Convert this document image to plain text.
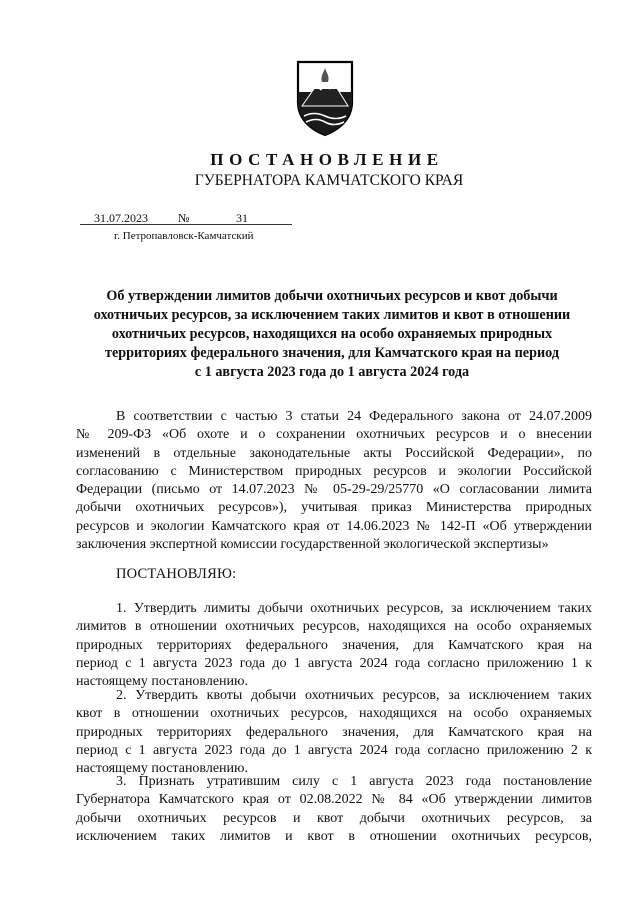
ПОСТАНОВЛЕНИЕ
ГУБЕРНАТОРА КАМЧАТСКОГО КРАЯ
31.07.2023	№	31
г. Петропавловск-Камчатский
Об утверждении лимитов добычи охотничьих ресурсов и квот добычи
охотничьих ресурсов, за исключением таких лимитов и квот в отношении
охотничьих ресурсов, находящихся на особо охраняемых природных
территориях федерального значения, для Камчатского края на период
с 1 августа 2023 года до 1 августа 2024 года
В соответствии с частью 3 статьи 24 Федерального закона от 24.07.2009
№ 209-ФЗ «Об охоте и о сохранении охотничьих ресурсов и о внесении
изменений в отдельные законодательные акты Российской Федерации», по
согласованию с Министерством природных ресурсов и экологии Российской
Федерации (письмо от 14.07.2023 № 05-29-29/25770 «О согласовании лимита
добычи охотничьих ресурсов»), учитывая приказ Министерства природных
ресурсов и экологии Камчатского края от 14.06.2023 № 142-П «Об утверждении
заключения экспертной комиссии государственной экологической экспертизы»
ПОСТАНОВЛЯЮ:
1. Утвердить лимиты добычи охотничьих ресурсов, за исключением таких
лимитов в отношении охотничьих ресурсов, находящихся на особо охраняемых
природных территориях федерального значения, для Камчатского края на
период с 1 августа 2023 года до 1 августа 2024 года согласно приложению 1 к
настоящему постановлению.
2. Утвердить квоты добычи охотничьих ресурсов, за исключением таких
квот в отношении охотничьих ресурсов, находящихся на особо охраняемых
природных территориях федерального значения, для Камчатского края на
период с 1 августа 2023 года до 1 августа 2024 года согласно приложению 2 к
настоящему постановлению.
3. Признать утратившим силу с 1 августа 2023 года постановление
Губернатора Камчатского края от 02.08.2022 № 84 «Об утверждении лимитов
добычи охотничьих ресурсов и квот добычи охотничьих ресурсов, за
исключением таких лимитов и квот в отношении охотничьих ресурсов,
